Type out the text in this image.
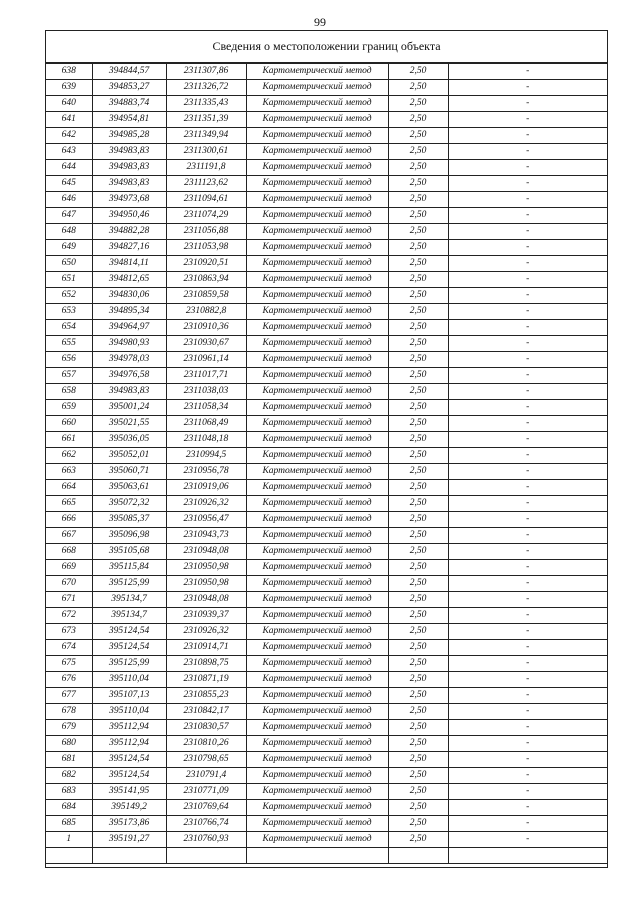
99
Сведения о местоположении границ объекта
638	394844,57	2311307,86	Картометрический метод	2,50	-
639	394853,27	2311326,72	Картометрический метод	2,50	-
640	394883,74	2311335,43	Картометрический метод	2,50	-
641	394954,81	2311351,39	Картометрический метод	2,50	-
642	394985,28	2311349,94	Картометрический метод	2,50	-
643	394983,83	2311300,61	Картометрический метод	2,50	-
644	394983,83	2311191,8	Картометрический метод	2,50	-
645	394983,83	2311123,62	Картометрический метод	2,50	-
646	394973,68	2311094,61	Картометрический метод	2,50	-
647	394950,46	2311074,29	Картометрический метод	2,50	-
648	394882,28	2311056,88	Картометрический метод	2,50	-
649	394827,16	2311053,98	Картометрический метод	2,50	-
650	394814,11	2310920,51	Картометрический метод	2,50	-
651	394812,65	2310863,94	Картометрический метод	2,50	-
652	394830,06	2310859,58	Картометрический метод	2,50	-
653	394895,34	2310882,8	Картометрический метод	2,50	-
654	394964,97	2310910,36	Картометрический метод	2,50	-
655	394980,93	2310930,67	Картометрический метод	2,50	-
656	394978,03	2310961,14	Картометрический метод	2,50	-
657	394976,58	2311017,71	Картометрический метод	2,50	-
658	394983,83	2311038,03	Картометрический метод	2,50	-
659	395001,24	2311058,34	Картометрический метод	2,50	-
660	395021,55	2311068,49	Картометрический метод	2,50	-
661	395036,05	2311048,18	Картометрический метод	2,50	-
662	395052,01	2310994,5	Картометрический метод	2,50	-
663	395060,71	2310956,78	Картометрический метод	2,50	-
664	395063,61	2310919,06	Картометрический метод	2,50	-
665	395072,32	2310926,32	Картометрический метод	2,50	-
666	395085,37	2310956,47	Картометрический метод	2,50	-
667	395096,98	2310943,73	Картометрический метод	2,50	-
668	395105,68	2310948,08	Картометрический метод	2,50	-
669	395115,84	2310950,98	Картометрический метод	2,50	-
670	395125,99	2310950,98	Картометрический метод	2,50	-
671	395134,7	2310948,08	Картометрический метод	2,50	-
672	395134,7	2310939,37	Картометрический метод	2,50	-
673	395124,54	2310926,32	Картометрический метод	2,50	-
674	395124,54	2310914,71	Картометрический метод	2,50	-
675	395125,99	2310898,75	Картометрический метод	2,50	-
676	395110,04	2310871,19	Картометрический метод	2,50	-
677	395107,13	2310855,23	Картометрический метод	2,50	-
678	395110,04	2310842,17	Картометрический метод	2,50	-
679	395112,94	2310830,57	Картометрический метод	2,50	-
680	395112,94	2310810,26	Картометрический метод	2,50	-
681	395124,54	2310798,65	Картометрический метод	2,50	-
682	395124,54	2310791,4	Картометрический метод	2,50	-
683	395141,95	2310771,09	Картометрический метод	2,50	-
684	395149,2	2310769,64	Картометрический метод	2,50	-
685	395173,86	2310766,74	Картометрический метод	2,50	-
1	395191,27	2310760,93	Картометрический метод	2,50	-
